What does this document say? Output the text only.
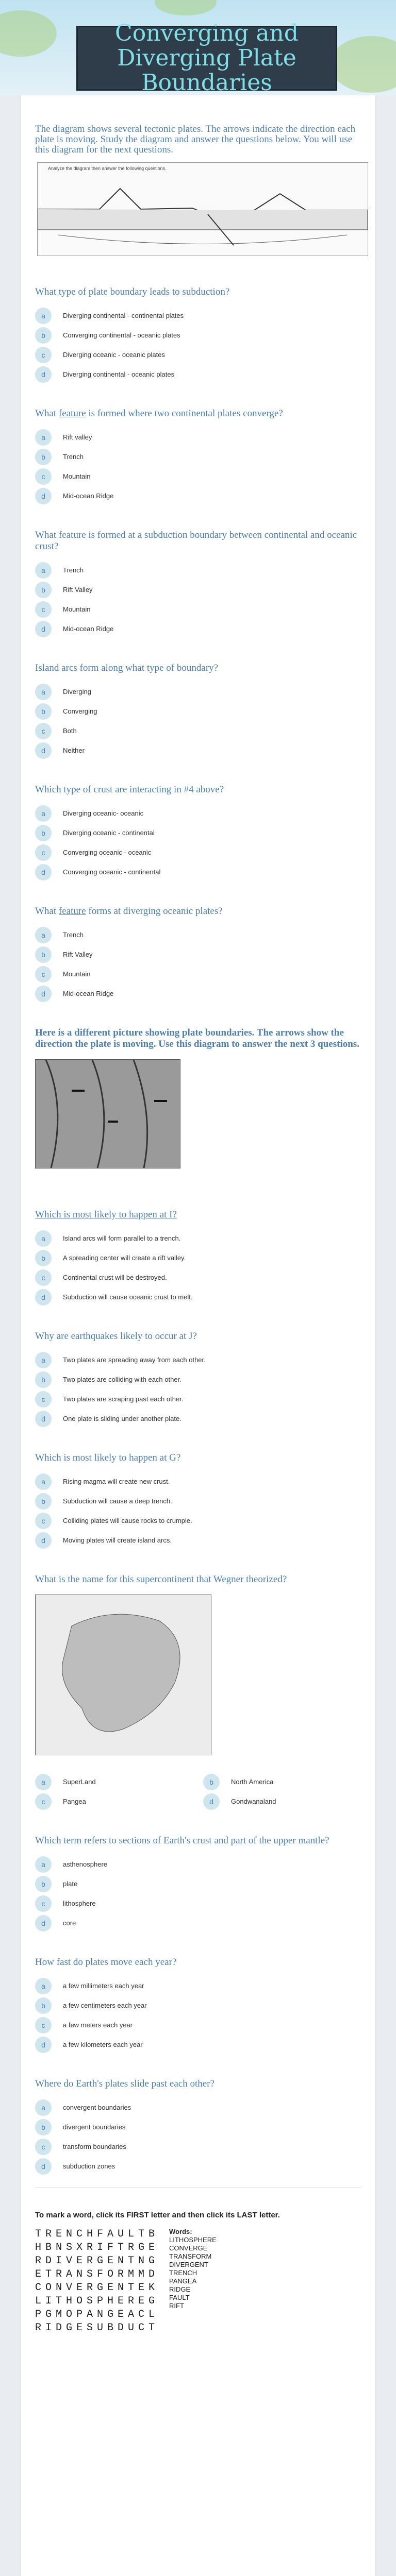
Converging and Diverging Plate Boundaries

The diagram shows several tectonic plates. The arrows indicate the direction each plate is moving. Study the diagram and answer the questions below. You will use this diagram for the next questions.

Analyze the diagram then answer the following questions.
What type of plate boundary leads to subduction?
a	Diverging continental - continental plates
b	Converging continental - oceanic plates
c	Diverging oceanic - oceanic plates
d	Diverging continental - oceanic plates
What feature is formed where two continental plates converge?
a	Rift valley
b	Trench
c	Mountain
d	Mid-ocean Ridge
What feature is formed at a subduction boundary between continental and oceanic crust?
a	Trench
b	Rift Valley
c	Mountain
d	Mid-ocean Ridge
Island arcs form along what type of boundary?
a	Diverging
b	Converging
c	Both
d	Neither
Which type of crust are interacting in #4 above?
a	Diverging oceanic- oceanic
b	Diverging oceanic - continental
c	Converging oceanic - oceanic
d	Converging oceanic - continental
What feature forms at diverging oceanic plates?
a	Trench
b	Rift Valley
c	Mountain
d	Mid-ocean Ridge
Here is a different picture showing plate boundaries. The arrows show the direction the plate is moving. Use this diagram to answer the next 3 questions.
Which is most likely to happen at I?
a	Island arcs will form parallel to a trench.
b	A spreading center will create a rift valley.
c	Continental crust will be destroyed.
d	Subduction will cause oceanic crust to melt.
Why are earthquakes likely to occur at J?
a	Two plates are spreading away from each other.
b	Two plates are colliding with each other.
c	Two plates are scraping past each other.
d	One plate is sliding under another plate.
Which is most likely to happen at G?
a	Rising magma will create new crust.
b	Subduction will cause a deep trench.
c	Colliding plates will cause rocks to crumple.
d	Moving plates will create island arcs.
What is the name for this supercontinent that Wegner theorized?
a	SuperLand	b	North America
c	Pangea	d	Gondwanaland
Which term refers to sections of Earth's crust and part of the upper mantle?
a	asthenosphere
b	plate
c	lithosphere
d	core
How fast do plates move each year?
a	a few millimeters each year
b	a few centimeters each year
c	a few meters each year
d	a few kilometers each year
Where do Earth's plates slide past each other?
a	convergent boundaries
b	divergent boundaries
c	transform boundaries
d	subduction zones
To mark a word, click its FIRST letter and then click its LAST letter.
TRENCHFAULTB
HBNSXRIFTRGE
RDIVERGENTNG
ETRANSFORMMD
CONVERGENTEK
LITHOSPHEREG
PGMOPANGEACL
RIDGESUBDUCT
Words:
LITHOSPHERE
CONVERGE
TRANSFORM
DIVERGENT
TRENCH
PANGEA
RIDGE
FAULT
RIFT
